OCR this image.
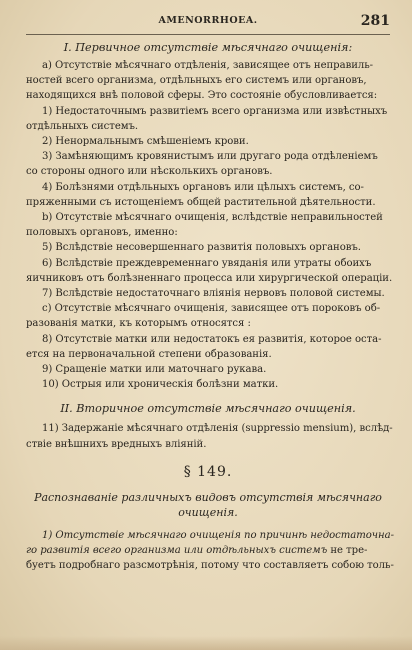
AMENORRHOEA.	281
I. Первичное отсутствіе мѣсячнаго очищенія:

а) Отсутствіе мѣсячнаго отдѣленія, зависящее отъ неправиль-

ностей всего организма, отдѣльныхъ его системъ или органовъ,

находящихся внѣ половой сферы. Это состояніе обусловливается:

1) Недостаточнымъ развитіемъ всего организма или извѣстныхъ

отдѣльныхъ системъ.

2) Ненормальнымъ смѣшеніемъ крови.

3) Замѣняющимъ кровянистымъ или другаго рода отдѣленіемъ

со стороны одного или нѣсколькихъ органовъ.

4) Болѣзнями отдѣльныхъ органовъ или цѣлыхъ системъ, со-

пряженными съ истощеніемъ общей растительной дѣятельности.

b) Отсутствіе мѣсячнаго очищенія, вслѣдствіе неправильностей

половыхъ органовъ, именно:

5) Вслѣдствіе несовершеннаго развитія половыхъ органовъ.

6) Вслѣдствіе преждевременнаго увяданія или утраты обоихъ

яичниковъ отъ болѣзненнаго процесса или хирургической операціи.

7) Вслѣдствіе недостаточнаго вліянія нервовъ половой системы.

c) Отсутствіе мѣсячнаго очищенія, зависящее отъ пороковъ об-

разованія матки, къ которымъ относятся :

8) Отсутствіе матки или недостатокъ ея развитія, которое оста-

ется на первоначальной степени образованія.

9) Сращеніе матки или маточнаго рукава.

10) Острыя или хроническія болѣзни матки.

II. Вторичное отсутствіе мѣсячнаго очищенія.

11) Задержаніе мѣсячнаго отдѣленія (suppressio mensium), вслѣд-

ствіе внѣшнихъ вредныхъ вліяній.

§ 149.
Распознаваніе различныхъ видовъ отсутствія мѣсячнаго
очищенія.

1) Отсутствіе мѣсячнаго очищенія по причинѣ недостаточна-

го развитія всего организма или отдѣльныхъ системъ не тре-

буетъ подробнаго разсмотрѣнія, потому что составляетъ собою толь-
